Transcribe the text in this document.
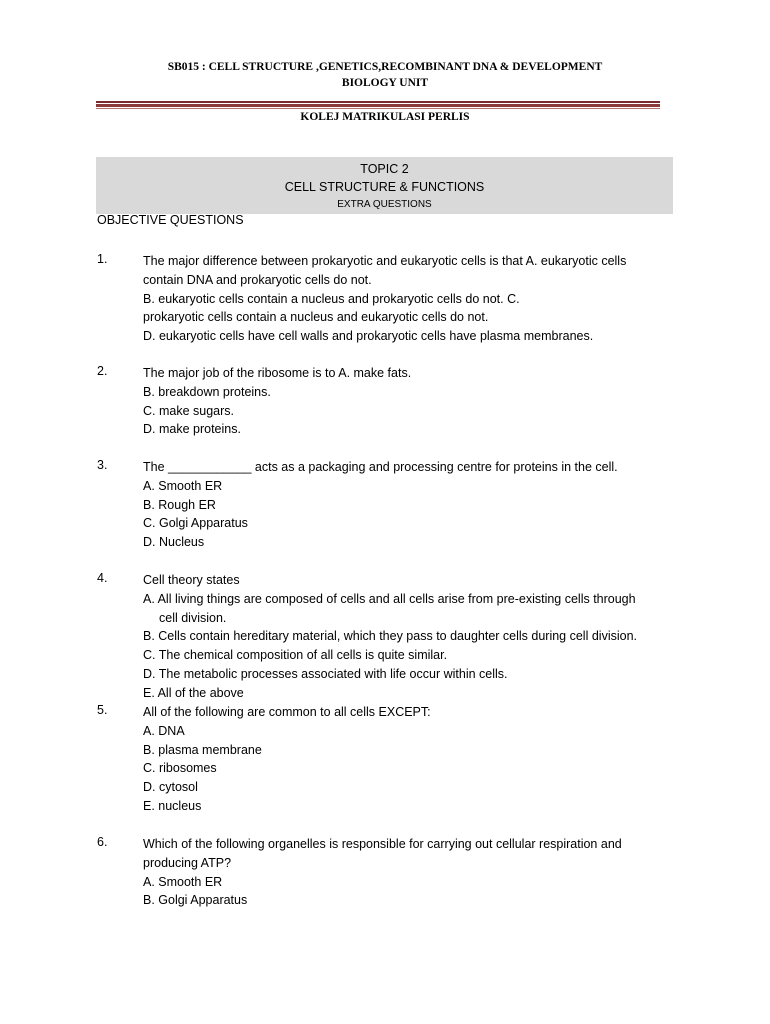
SB015 : CELL STRUCTURE ,GENETICS,RECOMBINANT DNA & DEVELOPMENT
BIOLOGY UNIT
KOLEJ MATRIKULASI PERLIS
TOPIC 2
CELL STRUCTURE & FUNCTIONS
EXTRA QUESTIONS
OBJECTIVE QUESTIONS
1.	The major difference between prokaryotic and eukaryotic cells is that A. eukaryotic cells
contain DNA and prokaryotic cells do not.
B. eukaryotic cells contain a nucleus and prokaryotic cells do not. C.
prokaryotic cells contain a nucleus and eukaryotic cells do not.
D. eukaryotic cells have cell walls and prokaryotic cells have plasma membranes.
2.	The major job of the ribosome is to A. make fats.
B. breakdown proteins.
C. make sugars.
D. make proteins.
3.	The ____________ acts as a packaging and processing centre for proteins in the cell.
A. Smooth ER
B. Rough ER
C. Golgi Apparatus
D. Nucleus
4.	Cell theory states
A. All living things are composed of cells and all cells arise from pre-existing cells through
cell division.
B. Cells contain hereditary material, which they pass to daughter cells during cell division.
C. The chemical composition of all cells is quite similar.
D. The metabolic processes associated with life occur within cells.
E. All of the above
5.	All of the following are common to all cells EXCEPT:
A. DNA
B. plasma membrane
C. ribosomes
D. cytosol
E. nucleus
6.	Which of the following organelles is responsible for carrying out cellular respiration and
producing ATP?
A. Smooth ER
B. Golgi Apparatus
